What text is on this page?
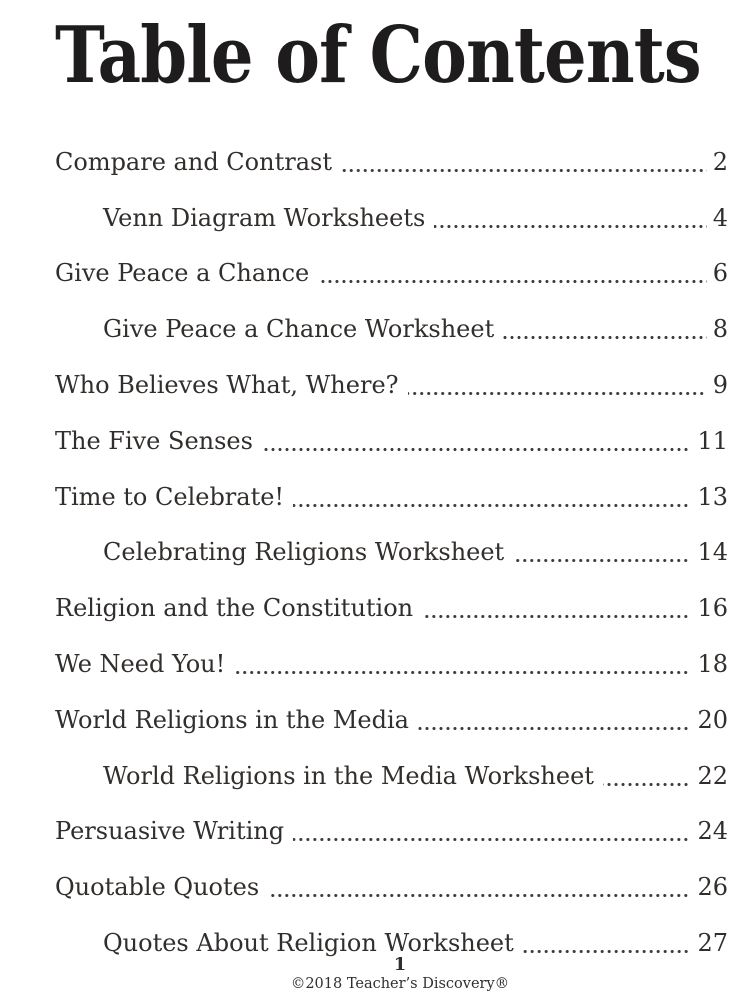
Table of Contents
Compare and Contrast	2
Venn Diagram Worksheets	4
Give Peace a Chance	6
Give Peace a Chance Worksheet	8
Who Believes What, Where?	9
The Five Senses	11
Time to Celebrate!	13
Celebrating Religions Worksheet	14
Religion and the Constitution	16
We Need You!	18
World Religions in the Media	20
World Religions in the Media Worksheet	22
Persuasive Writing	24
Quotable Quotes	26
Quotes About Religion Worksheet	27
1
©2018 Teacher’s Discovery®
